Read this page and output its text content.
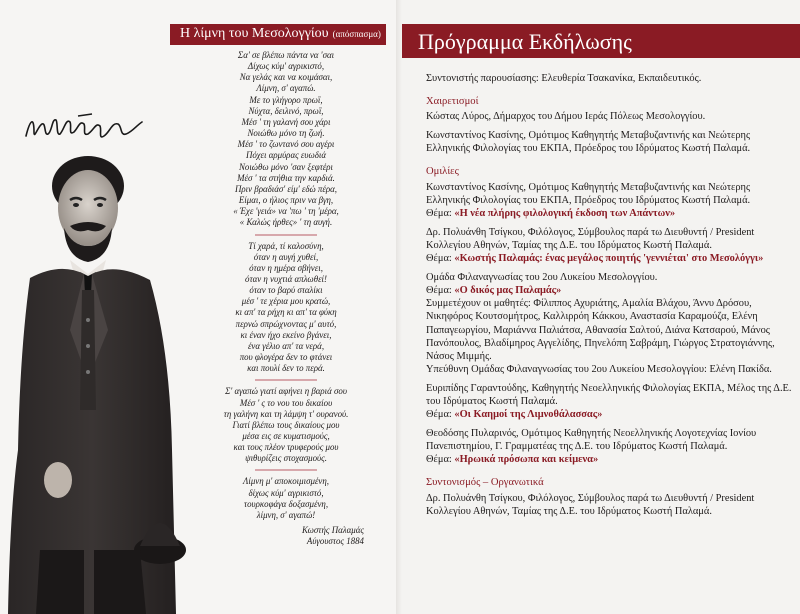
Η λίμνη του Μεσολογγίου (απόσπασμα)
Σα' σε βλέπω πάντα να 'σαι
Δίχως κύμ' αγρικιστό,
Να γελάς και να κοιμάσαι,
Λίμνη, σ' αγαπώ.
Με το γλήγορο πρωΐ,
Νύχτα, δειλινό, πρωΐ,
Μέσ ' τη γαλανή σου χάρι
Νοιώθω μόνο τη ζωή.
Μέσ ' το ζωντανό σου αγέρι
Πόχει αρμύρας ευωδιά
Νοιώθω μόνο 'σαν ξεφτέρι
Μέσ ' τα στήθια την καρδιά.
Πριν βραδιάσ' είμ' εδώ πέρα,
Είμαι, ο ήλιος πριν να βγη,
« Έχε 'γειά» να 'πω ' τη 'μέρα,
« Καλώς ήρθες» ' τη αυγή.
Τί χαρά, τί καλοσύνη,
όταν η αυγή χυθεί,
όταν η ημέρα σβήνει,
όταν η νυχτιά απλωθεί!
όταν το βαρύ σταλίκι
μέσ ' τε χέρια μου κρατώ,
κι απ' τα ρήχη κι απ' τα φύκη
περνώ σπρώχνοντας μ' αυτό,
κι έναν ήχο εκείνο βγάνει,
ένα γέλιο απ' τα νερά,
που φλογέρα δεν το φτάνει
και πουλί δεν το περά.
Σ' αγαπώ γιατί αφήνει η βαριά σου
Μέσ ' ς το νου του δικαίου
τη γαλήνη και τη λάμψη τ' ουρανού.
Γιατί βλέπω τους δικαίους μου
μέσα εις σε κυματισμούς,
και τους πλέον τρυφερούς μου
ψιθυρίζεις στοχασμούς.
Λίμνη μ' αποκοιμισμένη,
δίχως κύμ' αγρικιστό,
τουρκοφάγα δοξασμένη,
λίμνη, σ' αγαπώ!
Κωστής Παλαμάς
Αύγουστος 1884
Πρόγραμμα Εκδήλωσης

Συντονιστής παρουσίασης: Ελευθερία Τσακανίκα, Εκπαιδευτικός.

Χαιρετισμοί

Κώστας Λύρος, Δήμαρχος του Δήμου Ιεράς Πόλεως Μεσολογγίου.

Κωνσταντίνος Κασίνης, Ομότιμος Καθηγητής Μεταβυζαντινής και Νεώτερης Ελληνικής Φιλολογίας του ΕΚΠΑ, Πρόεδρος του Ιδρύματος Κωστή Παλαμά.

Ομιλίες

Κωνσταντίνος Κασίνης, Ομότιμος Καθηγητής Μεταβυζαντινής και Νεώτερης Ελληνικής Φιλολογίας του ΕΚΠΑ, Πρόεδρος του Ιδρύματος Κωστή Παλαμά.
Θέμα: «Η νέα πλήρης φιλολογική έκδοση των Απάντων»

Δρ. Πολυάνθη Τσίγκου, Φιλόλογος, Σύμβουλος παρά τω Διευθυντή / President Κολλεγίου Αθηνών, Ταμίας της Δ.Ε. του Ιδρύματος Κωστή Παλαμά.
Θέμα: «Κωστής Παλαμάς: ένας μεγάλος ποιητής 'γεννιέται' στο Μεσολόγγι»

Ομάδα Φιλαναγνωσίας του 2ου Λυκείου Μεσολογγίου.
Θέμα: «Ο δικός μας Παλαμάς»
Συμμετέχουν οι μαθητές: Φίλιππος Αχυριάτης, Αμαλία Βλάχου, Άννυ Δρόσου, Νικηφόρος Κουτσομήτρος, Καλλιρρόη Κάκκου, Αναστασία Καραμούζα, Ελένη Παπαγεωργίου, Μαριάννα Παλιάτσα, Αθανασία Σαλτού, Διάνα Κατσαρού, Μάνος Πανόπουλος, Βλαδίμηρος Αγγελίδης, Πηνελόπη Σαβράμη, Γιώργος Στρατογιάννης, Νάσος Μιμμής.
Υπεύθυνη Ομάδας Φιλαναγνωσίας του 2ου Λυκείου Μεσολογγίου: Ελένη Πακίδα.

Ευριπίδης Γαραντούδης, Καθηγητής Νεοελληνικής Φιλολογίας ΕΚΠΑ, Μέλος της Δ.Ε. του Ιδρύματος Κωστή Παλαμά.
Θέμα: «Οι Καημοί της Λιμνοθάλασσας»

Θεοδόσης Πυλαρινός, Ομότιμος Καθηγητής Νεοελληνικής Λογοτεχνίας Ιονίου Πανεπιστημίου, Γ. Γραμματέας της Δ.Ε. του Ιδρύματος Κωστή Παλαμά.
Θέμα: «Ηρωικά πρόσωπα και κείμενα»

Συντονισμός – Οργανωτικά

Δρ. Πολυάνθη Τσίγκου, Φιλόλογος, Σύμβουλος παρά τω Διευθυντή / President Κολλεγίου Αθηνών, Ταμίας της Δ.Ε. του Ιδρύματος Κωστή Παλαμά.
